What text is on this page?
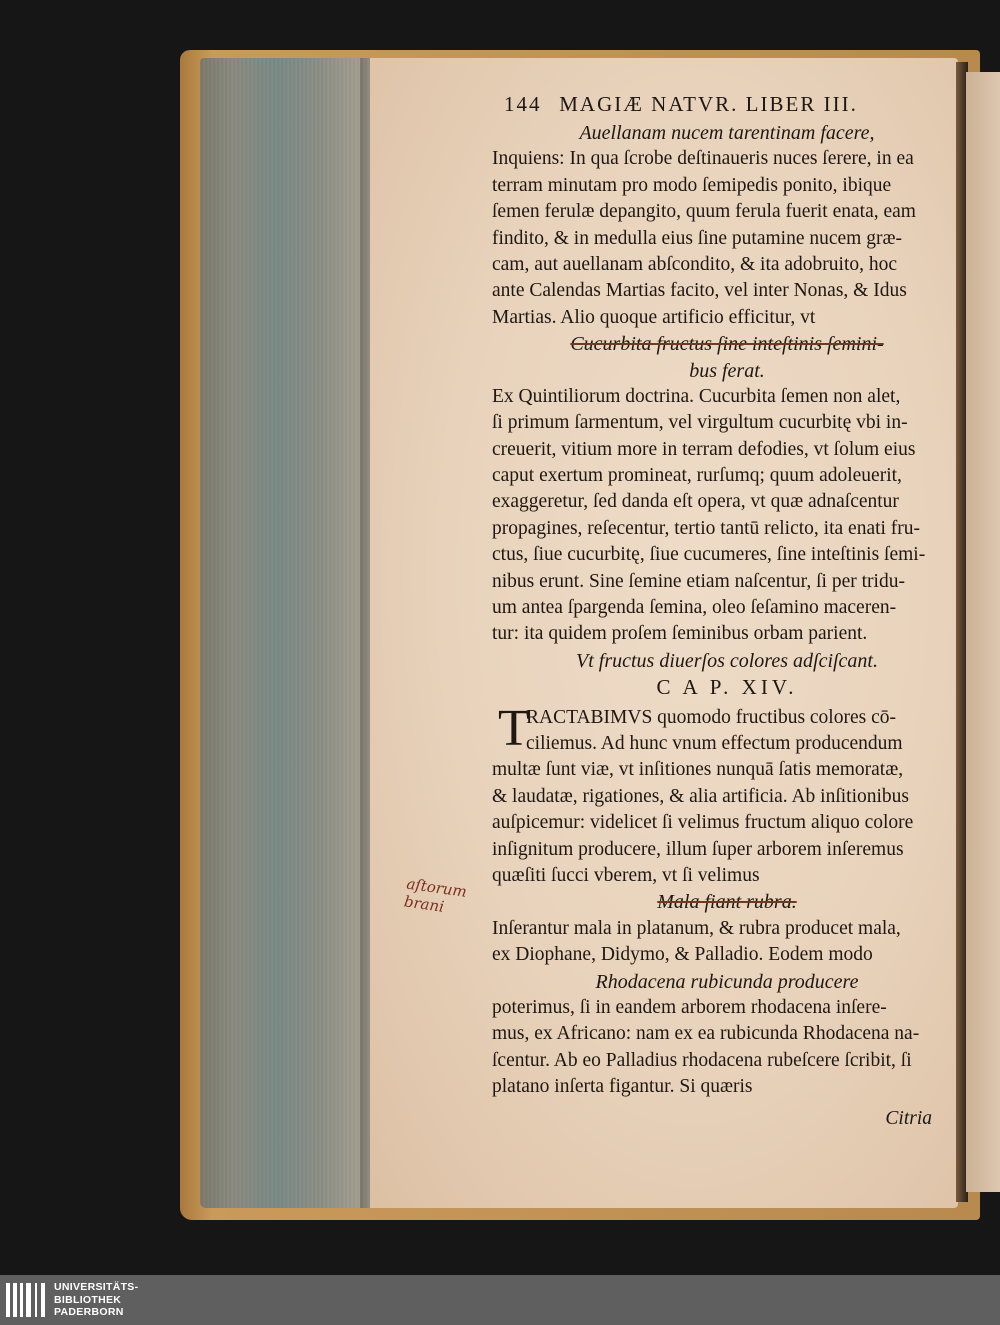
aſtorum brani
144 MAGIÆ NATVR. LIBER III.
Auellanam nucem tarentinam facere,
Inquiens: In qua ſcrobe deſtinaueris nuces ſerere, in ea
terram minutam pro modo ſemipedis ponito, ibique
ſemen ferulæ depangito, quum ferula fuerit enata, eam
findito, & in medulla eius ſine putamine nucem græ-
cam, aut auellanam abſcondito, & ita adobruito, hoc
ante Calendas Martias facito, vel inter Nonas, & Idus
Martias. Alio quoque artificio efficitur, vt
Cucurbita fructus ſine inteſtinis ſemini-
bus ferat.
Ex Quintiliorum doctrina. Cucurbita ſemen non alet,
ſi primum ſarmentum, vel virgultum cucurbitę vbi in-
creuerit, vitium more in terram defodies, vt ſolum eius
caput exertum promineat, rurſumq; quum adoleuerit,
exaggeretur, ſed danda eſt opera, vt quæ adnaſcentur
propagines, reſecentur, tertio tantū relicto, ita enati fru-
ctus, ſiue cucurbitę, ſiue cucumeres, ſine inteſtinis ſemi-
nibus erunt. Sine ſemine etiam naſcentur, ſi per tridu-
um antea ſpargenda ſemina, oleo ſeſamino maceren-
tur: ita quidem proſem ſeminibus orbam parient.
Vt fructus diuerſos colores adſciſcant.
C A P. XIV.
T
RACTABIMVS quomodo fructibus colores cō-
ciliemus. Ad hunc vnum effectum producendum
multæ ſunt viæ, vt inſitiones nunquā ſatis memoratæ,
& laudatæ, rigationes, & alia artificia. Ab inſitionibus
auſpicemur: videlicet ſi velimus fructum aliquo colore
inſignitum producere, illum ſuper arborem inſeremus
quæſiti ſucci vberem, vt ſi velimus
Mala fiant rubra.
Inſerantur mala in platanum, & rubra producet mala,
ex Diophane, Didymo, & Palladio. Eodem modo
Rhodacena rubicunda producere
poterimus, ſi in eandem arborem rhodacena inſere-
mus, ex Africano: nam ex ea rubicunda Rhodacena na-
ſcentur. Ab eo Palladius rhodacena rubeſcere ſcribit, ſi
platano inſerta figantur. Si quæris
Citria
UNIVERSITÄTS-
BIBLIOTHEK
PADERBORN
